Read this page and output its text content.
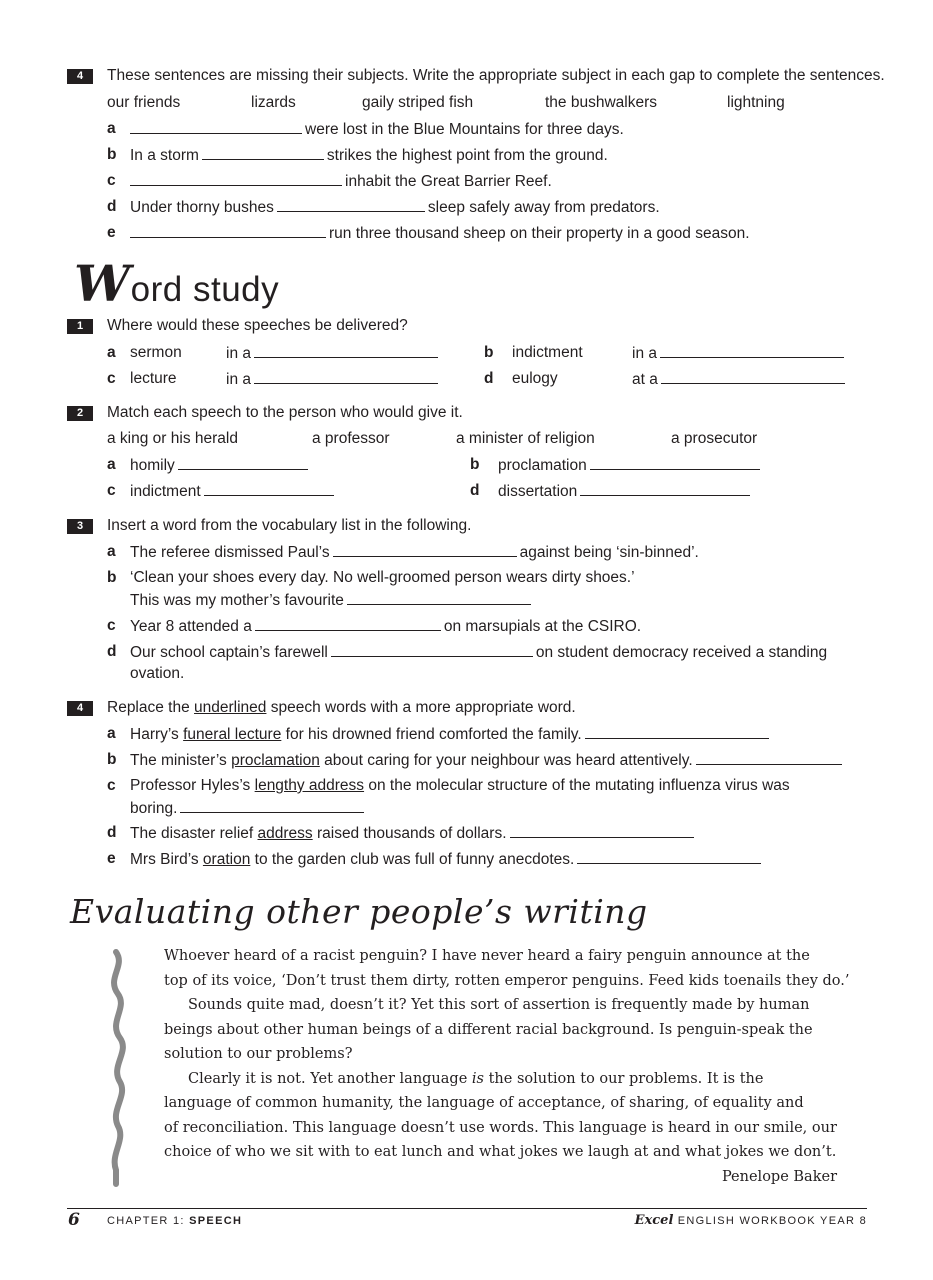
4	These sentences are missing their subjects. Write the appropriate subject in each gap to complete the sentences.
our friends	lizards	gaily striped fish	the bushwalkers	lightning
a	were lost in the Blue Mountains for three days.
b In a storm	strikes the highest point from the ground.
c	inhabit the Great Barrier Reef.
d Under thorny bushes	sleep safely away from predators.
e	run three thousand sheep on their property in a good season.
Word study
1	Where would these speeches be delivered?
a sermon	in a	b indictment	in a
c lecture	in a	d eulogy	at a
2	Match each speech to the person who would give it.
a king or his herald	a professor	a minister of religion	a prosecutor
a homily	b proclamation
c indictment	d dissertation
3	Insert a word from the vocabulary list in the following.
a The referee dismissed Paul’s	against being ‘sin-binned’.
b ‘Clean your shoes every day. No well-groomed person wears dirty shoes.’
This was my mother’s favourite
c Year 8 attended a	on marsupials at the CSIRO.
d Our school captain’s farewell	on student democracy received a standing
ovation.
4	Replace the underlined speech words with a more appropriate word.
a Harry’s funeral lecture for his drowned friend comforted the family.
b The minister’s proclamation about caring for your neighbour was heard attentively.
c Professor Hyles’s lengthy address on the molecular structure of the mutating influenza virus was
boring.
d The disaster relief address raised thousands of dollars.
e Mrs Bird’s oration to the garden club was full of funny anecdotes.
Evaluating other people’s writing
Whoever heard of a racist penguin? I have never heard a fairy penguin announce at the
top of its voice, ‘Don’t trust them dirty, rotten emperor penguins. Feed kids toenails they do.’
Sounds quite mad, doesn’t it? Yet this sort of assertion is frequently made by human
beings about other human beings of a different racial background. Is penguin-speak the
solution to our problems?
Clearly it is not. Yet another language is the solution to our problems. It is the
language of common humanity, the language of acceptance, of sharing, of equality and
of reconciliation. This language doesn’t use words. This language is heard in our smile, our
choice of who we sit with to eat lunch and what jokes we laugh at and what jokes we don’t.
Penelope Baker
6 CHAPTER 1: SPEECH	Excel ENGLISH WORKBOOK YEAR 8
